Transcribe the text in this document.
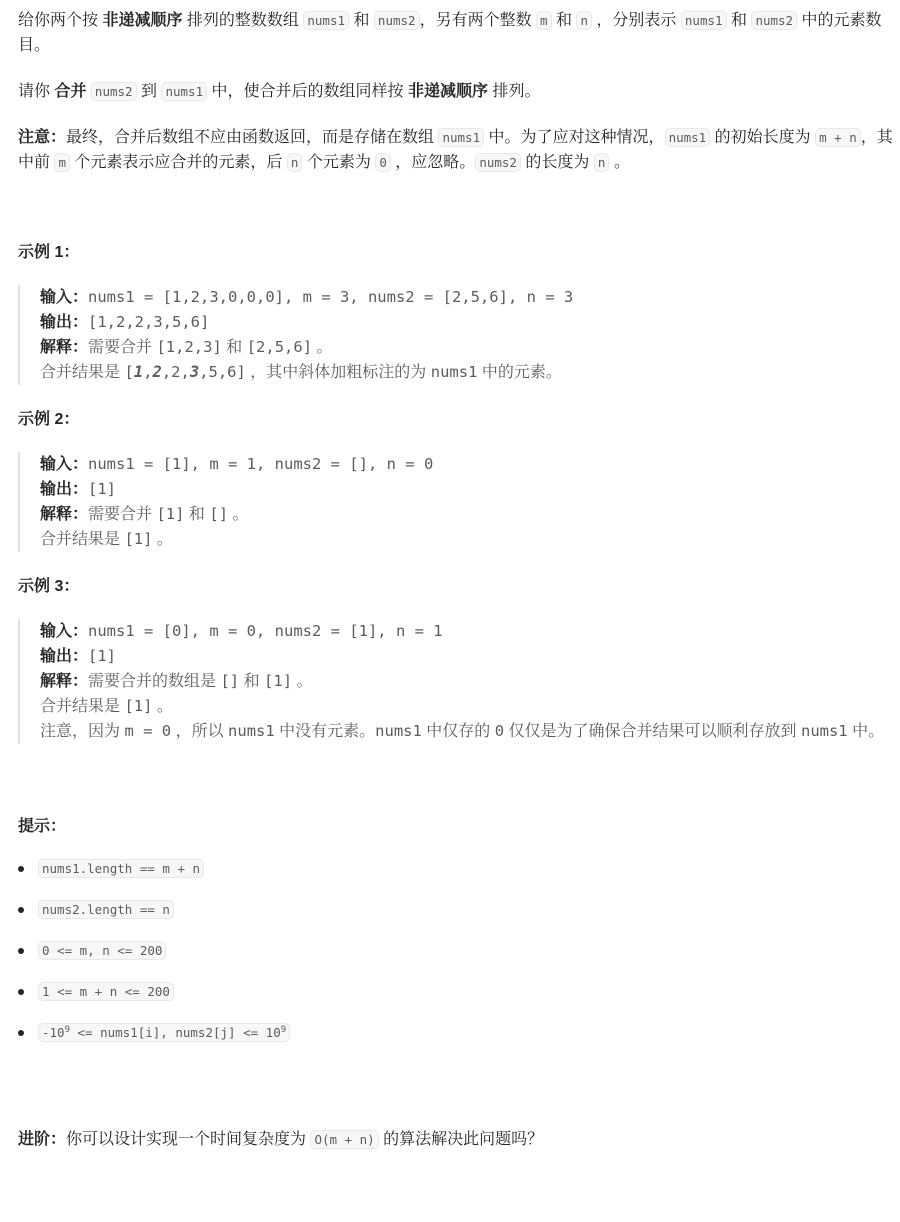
给你两个按 非递减顺序 排列的整数数组 nums1 和 nums2 ，另有两个整数 m 和 n ，分别表示 nums1 和 nums2 中的元素数目。

请你 合并 nums2 到 nums1 中，使合并后的数组同样按 非递减顺序 排列。

注意：最终，合并后数组不应由函数返回，而是存储在数组 nums1 中。为了应对这种情况， nums1 的初始长度为 m + n ，其中前 m 个元素表示应合并的元素，后 n 个元素为 0 ，应忽略。 nums2 的长度为 n 。

示例 1：

输入：nums1 = [1,2,3,0,0,0], m = 3, nums2 = [2,5,6], n = 3
输出：[1,2,2,3,5,6]
解释：需要合并 [1,2,3] 和 [2,5,6] 。
合并结果是 [1,2,2,3,5,6] ，其中斜体加粗标注的为 nums1 中的元素。

示例 2：

输入：nums1 = [1], m = 1, nums2 = [], n = 0
输出：[1]
解释：需要合并 [1] 和 [] 。
合并结果是 [1] 。

示例 3：

输入：nums1 = [0], m = 0, nums2 = [1], n = 1
输出：[1]
解释：需要合并的数组是 [] 和 [1] 。
合并结果是 [1] 。
注意，因为 m = 0 ，所以 nums1 中没有元素。nums1 中仅存的 0 仅仅是为了确保合并结果可以顺利存放到 nums1 中。

提示：

nums1.length == m + n
nums2.length == n
0 <= m, n <= 200
1 <= m + n <= 200
$-10^9$ <= nums1[i], nums2[j] <= $10^9$

进阶：你可以设计实现一个时间复杂度为 O(m + n) 的算法解决此问题吗？
